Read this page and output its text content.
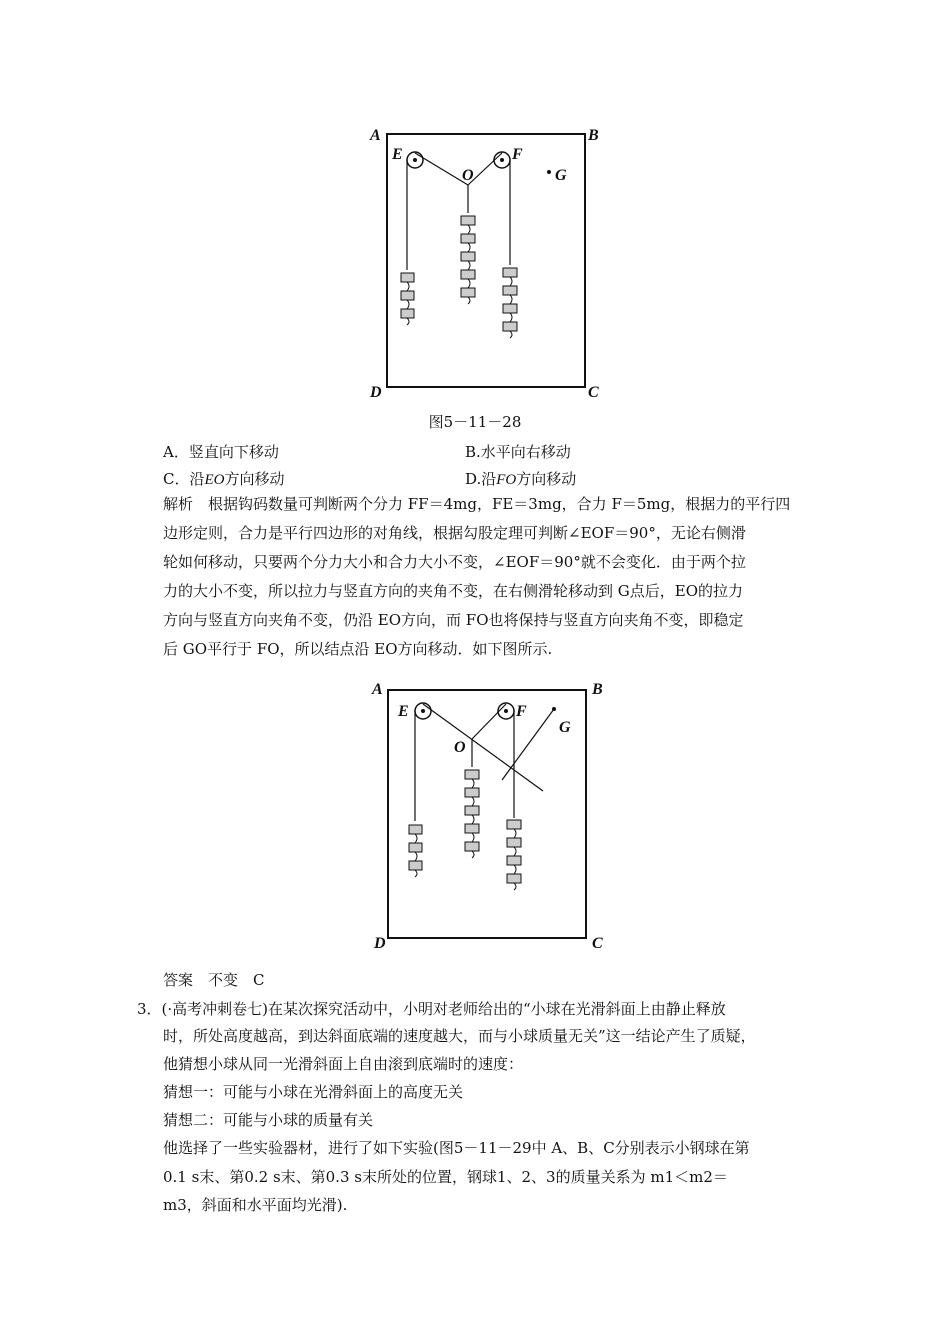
A	B
C
D
E	F
O	G
图5－11－28
A．竖直向下移动	B.水平向右移动
C．沿EO方向移动	D.沿FO方向移动
解析　根据钩码数量可判断两个分力 FF＝4mg，FE＝3mg，合力 F＝5mg，根据力的平行四
边形定则，合力是平行四边形的对角线，根据勾股定理可判断∠EOF＝90°，无论右侧滑
轮如何移动，只要两个分力大小和合力大小不变，∠EOF＝90°就不会变化．由于两个拉
力的大小不变，所以拉力与竖直方向的夹角不变，在右侧滑轮移动到 G点后，EO的拉力
方向与竖直方向夹角不变，仍沿 EO方向，而 FO也将保持与竖直方向夹角不变，即稳定
后 GO平行于 FO，所以结点沿 EO方向移动．如下图所示.
A	B
C
D
E	F
O
G
答案　不变　C
3．(·高考冲刺卷七)在某次探究活动中，小明对老师给出的“小球在光滑斜面上由静止释放
时，所处高度越高，到达斜面底端的速度越大，而与小球质量无关”这一结论产生了质疑，
他猜想小球从同一光滑斜面上自由滚到底端时的速度：
猜想一：可能与小球在光滑斜面上的高度无关
猜想二：可能与小球的质量有关
他选择了一些实验器材，进行了如下实验(图5－11－29中 A、B、C分别表示小钢球在第
0.1 s末、第0.2 s末、第0.3 s末所处的位置，钢球1、2、3的质量关系为 m1＜m2＝
m3，斜面和水平面均光滑).
